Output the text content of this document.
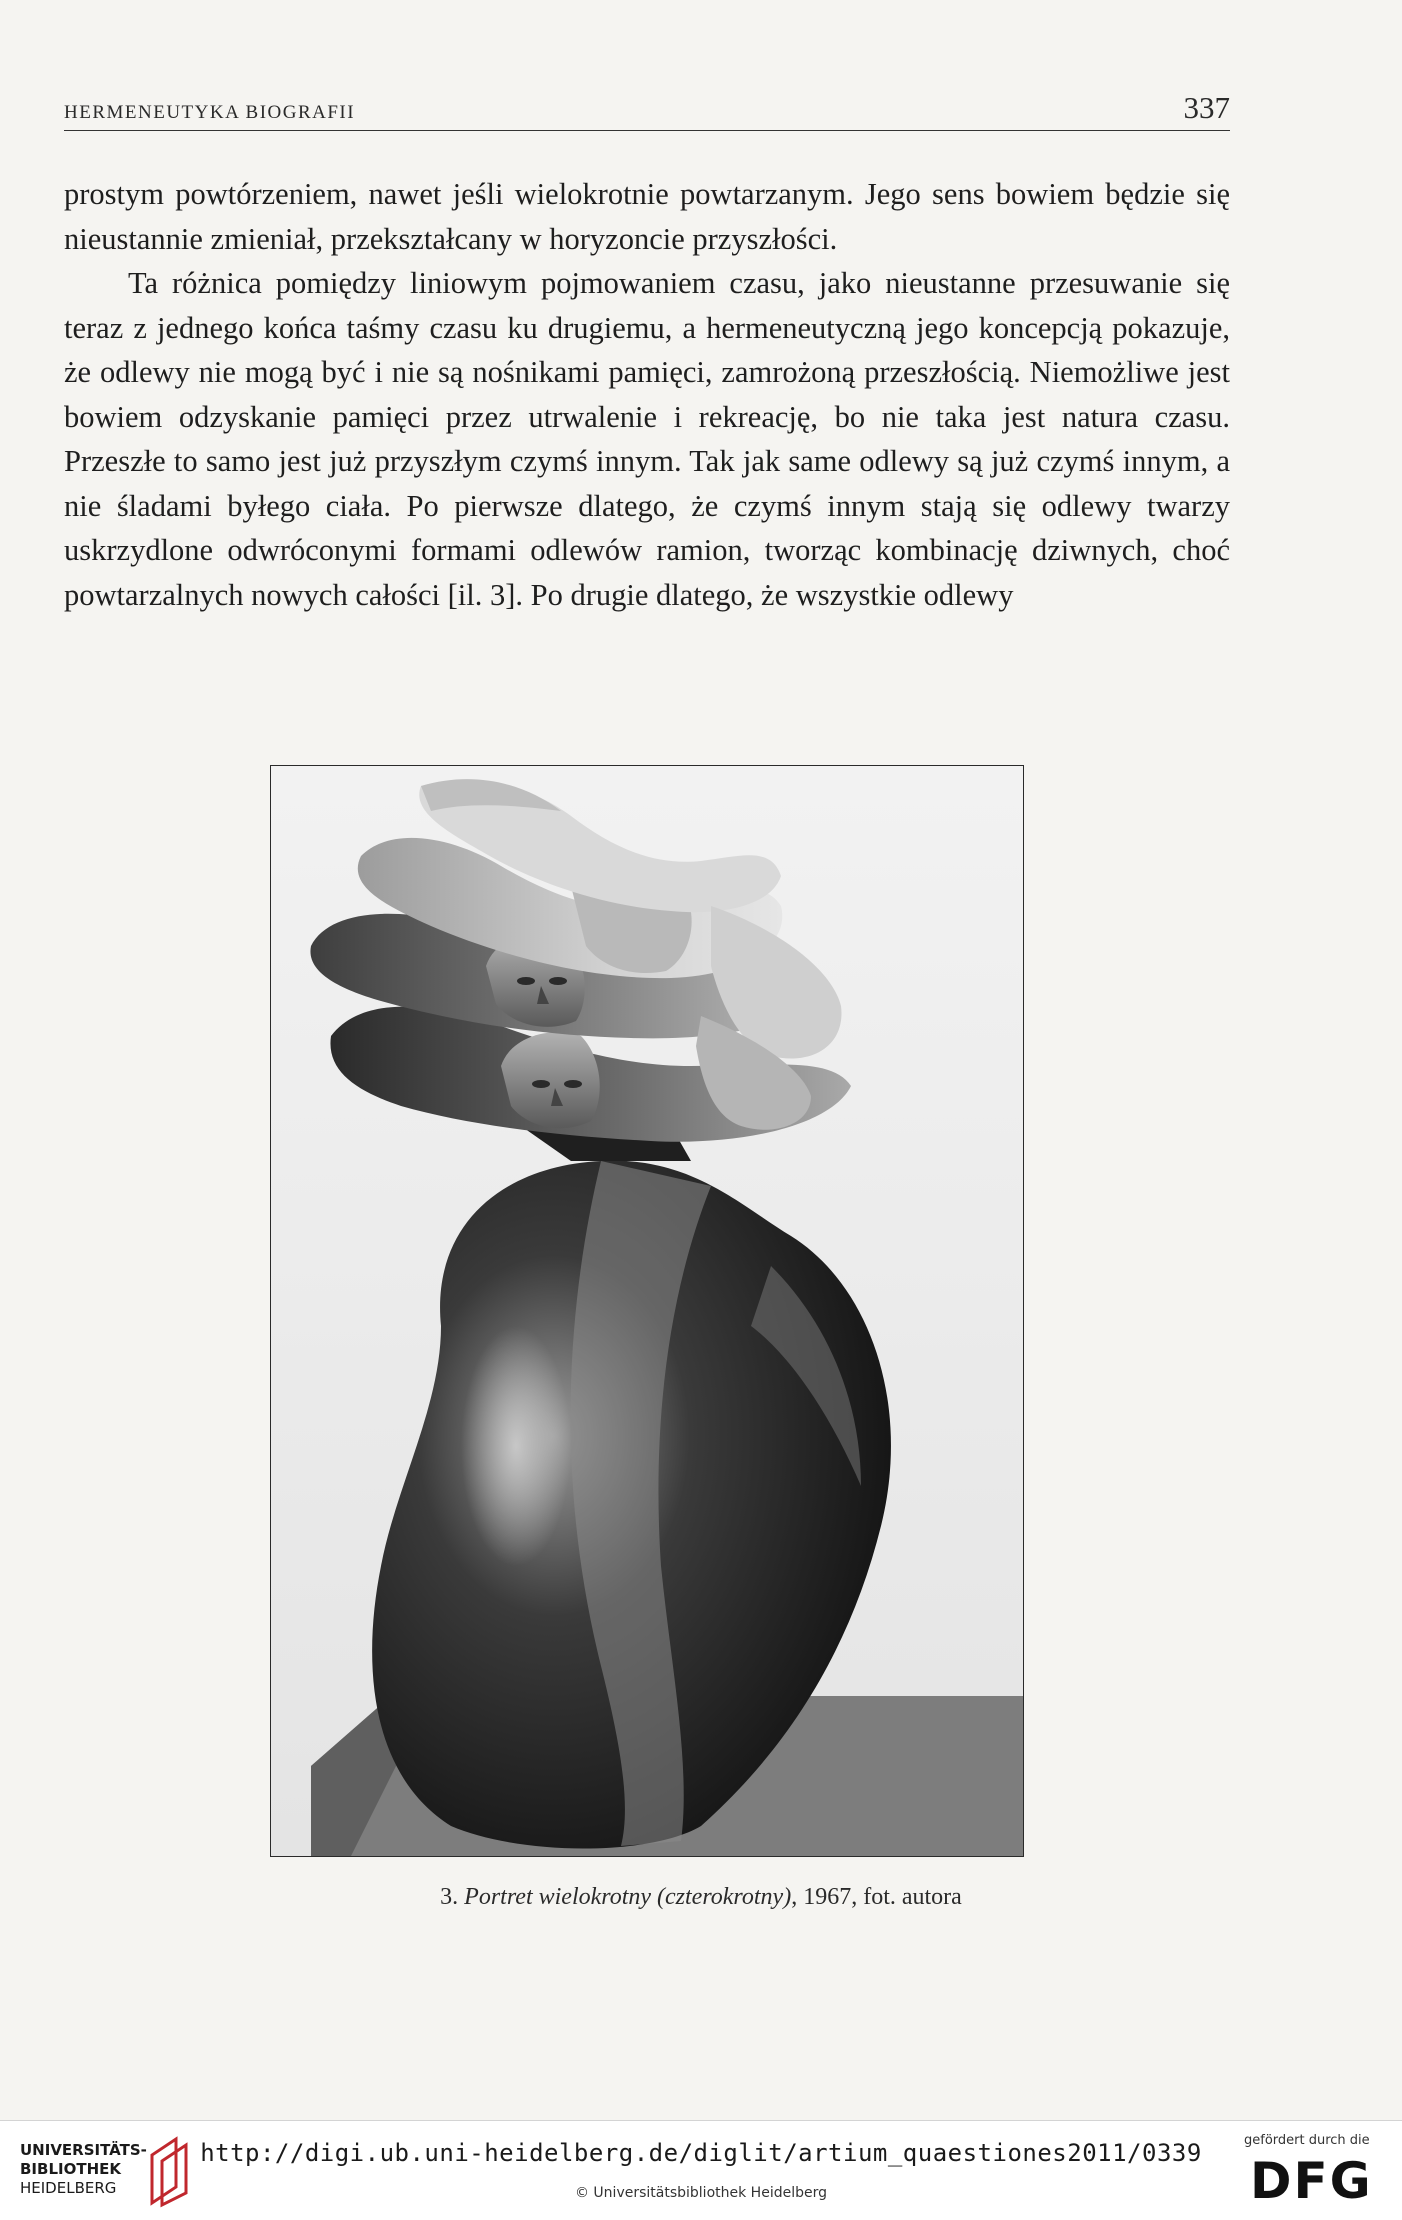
HERMENEUTYKA BIOGRAFII	337

prostym powtórzeniem, nawet jeśli wielokrotnie powtarzanym. Jego sens bowiem będzie się nieustannie zmieniał, przekształcany w horyzoncie przyszłości.

Ta różnica pomiędzy liniowym pojmowaniem czasu, jako nieustanne przesuwanie się teraz z jednego końca taśmy czasu ku drugiemu, a hermeneutyczną jego koncepcją pokazuje, że odlewy nie mogą być i nie są nośnikami pamięci, zamrożoną przeszłością. Niemożliwe jest bowiem odzyskanie pamięci przez utrwalenie i rekreację, bo nie taka jest natura czasu. Przeszłe to samo jest już przyszłym czymś innym. Tak jak same odlewy są już czymś innym, a nie śladami byłego ciała. Po pierwsze dlatego, że czymś innym stają się odlewy twarzy uskrzydlone odwróconymi formami odlewów ramion, tworząc kombinację dziwnych, choć powtarzalnych nowych całości [il. 3]. Po drugie dlatego, że wszystkie odlewy

3. Portret wielokrotny (czterokrotny), 1967, fot. autora
UNIVERSITÄTS-
BIBLIOTHEK
HEIDELBERG
http://digi.ub.uni-heidelberg.de/diglit/artium_quaestiones2011/0339
© Universitätsbibliothek Heidelberg
gefördert durch die
DFG
